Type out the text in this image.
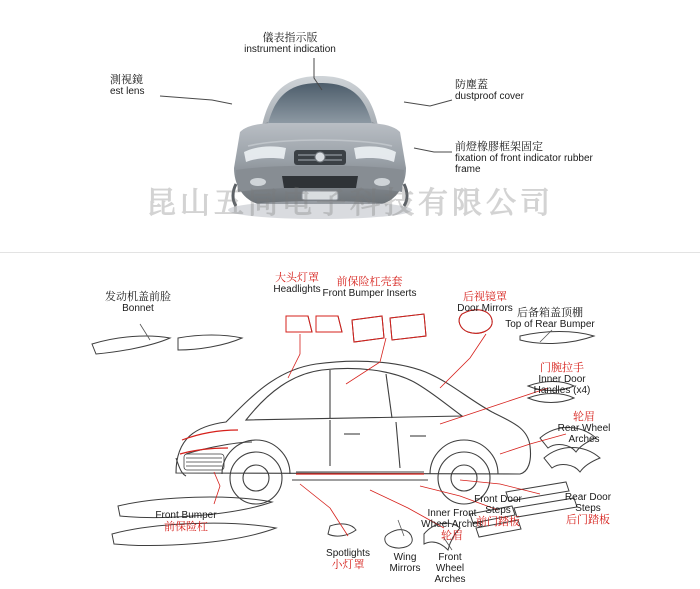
儀表指示版
instrument indication
測視鏡
est lens
防塵蓋
dustproof cover
前燈橡膠框架固定
fixation of front indicator rubber frame
昆山五同电子科技有限公司
大头灯罩
Headlights
前保险杠壳套
Front Bumper Inserts
发动机盖前脸
Bonnet
后视镜罩
Door Mirrors 后备箱盖顶棚
Top of Rear Bumper
门腕拉手
Inner Door Handles (x4)
轮眉
Rear Wheel Arches
Rear Door Steps
后门踏板
Front Door Steps
前门踏板
Inner Front Wheel Arches
轮眉
Front Wheel Arches
Wing Mirrors
Spotlights
小灯罩
Front Bumper
前保险杠
